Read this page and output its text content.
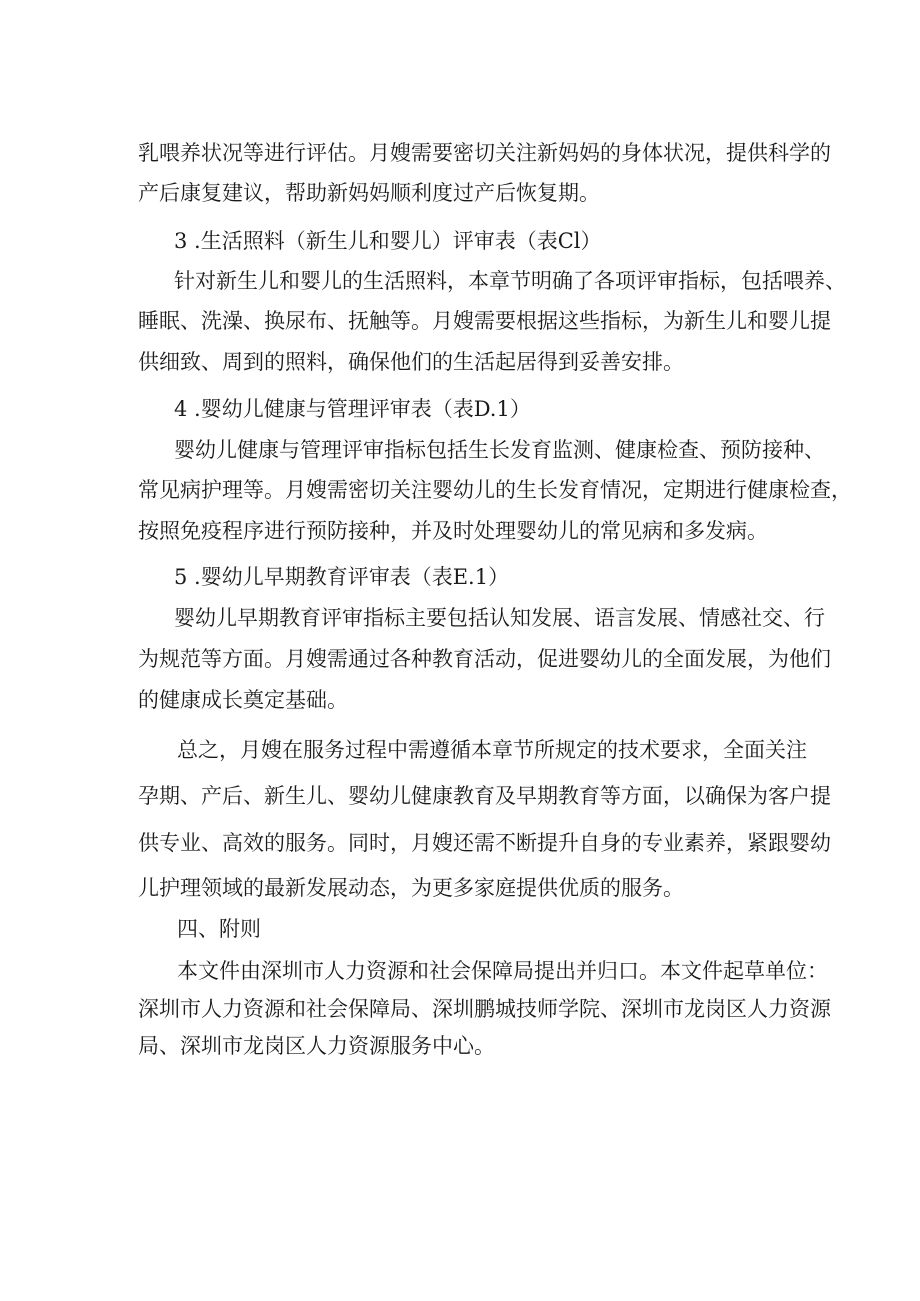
乳喂养状况等进行评估。月嫂需要密切关注新妈妈的身体状况，提供科学的
产后康复建议，帮助新妈妈顺利度过产后恢复期。
3 .生活照料（新生儿和婴儿）评审表（表Cl）
针对新生儿和婴儿的生活照料，本章节明确了各项评审指标，包括喂养、
睡眠、洗澡、换尿布、抚触等。月嫂需要根据这些指标，为新生儿和婴儿提
供细致、周到的照料，确保他们的生活起居得到妥善安排。
4 .婴幼儿健康与管理评审表（表D.1）
婴幼儿健康与管理评审指标包括生长发育监测、健康检查、预防接种、
常见病护理等。月嫂需密切关注婴幼儿的生长发育情况，定期进行健康检查，
按照免疫程序进行预防接种，并及时处理婴幼儿的常见病和多发病。
5 .婴幼儿早期教育评审表（表E.1）
婴幼儿早期教育评审指标主要包括认知发展、语言发展、情感社交、行
为规范等方面。月嫂需通过各种教育活动，促进婴幼儿的全面发展，为他们
的健康成长奠定基础。
总之，月嫂在服务过程中需遵循本章节所规定的技术要求，全面关注
孕期、产后、新生儿、婴幼儿健康教育及早期教育等方面，以确保为客户提
供专业、高效的服务。同时，月嫂还需不断提升自身的专业素养，紧跟婴幼
儿护理领域的最新发展动态，为更多家庭提供优质的服务。
四、附则
本文件由深圳市人力资源和社会保障局提出并归口。本文件起草单位：
深圳市人力资源和社会保障局、深圳鹏城技师学院、深圳市龙岗区人力资源
局、深圳市龙岗区人力资源服务中心。
